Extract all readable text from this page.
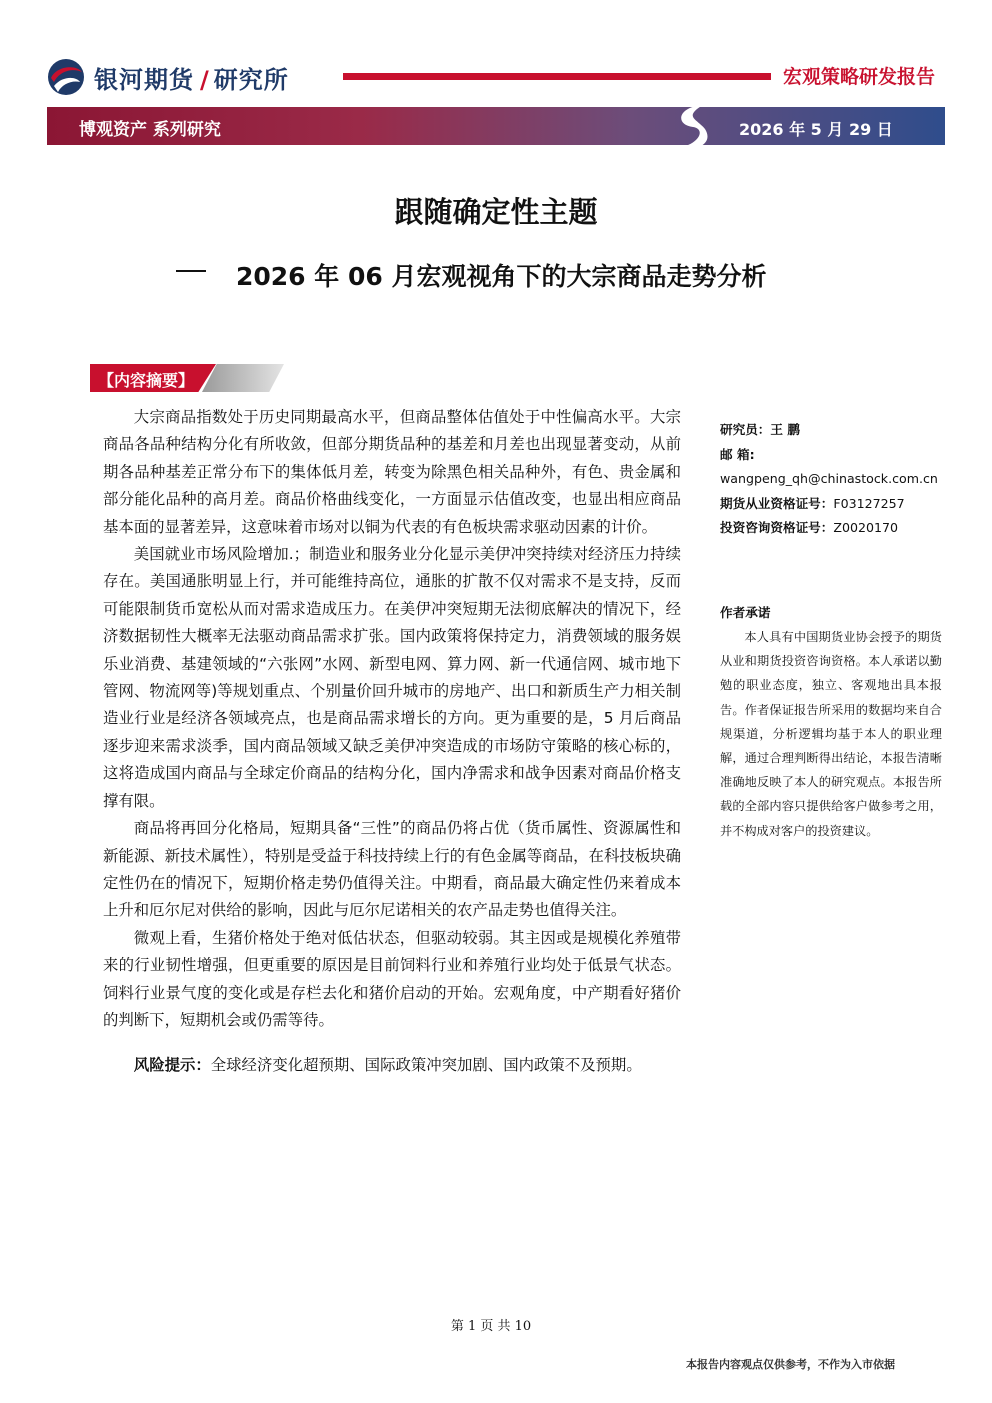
银河期货 / 研究所	宏观策略研发报告
博观资产 系列研究	2026 年 5 月 29 日
跟随确定性主题
2026 年 06 月宏观视角下的大宗商品走势分析
【内容摘要】

大宗商品指数处于历史同期最高水平，但商品整体估值处于中性偏高水平。大宗商品各品种结构分化有所收敛，但部分期货品种的基差和月差也出现显著变动，从前期各品种基差正常分布下的集体低月差，转变为除黑色相关品种外，有色、贵金属和部分能化品种的高月差。商品价格曲线变化，一方面显示估值改变，也显出相应商品基本面的显著差异，这意味着市场对以铜为代表的有色板块需求驱动因素的计价。

美国就业市场风险增加.；制造业和服务业分化显示美伊冲突持续对经济压力持续存在。美国通胀明显上行，并可能维持高位，通胀的扩散不仅对需求不是支持，反而可能限制货币宽松从而对需求造成压力。在美伊冲突短期无法彻底解决的情况下，经济数据韧性大概率无法驱动商品需求扩张。国内政策将保持定力，消费领域的服务娱乐业消费、基建领域的“六张网”水网、新型电网、算力网、新一代通信网、城市地下管网、物流网等)等规划重点、个别量价回升城市的房地产、出口和新质生产力相关制造业行业是经济各领域亮点，也是商品需求增长的方向。更为重要的是，5 月后商品逐步迎来需求淡季，国内商品领域又缺乏美伊冲突造成的市场防守策略的核心标的，这将造成国内商品与全球定价商品的结构分化，国内净需求和战争因素对商品价格支撑有限。

商品将再回分化格局，短期具备“三性”的商品仍将占优（货币属性、资源属性和新能源、新技术属性），特别是受益于科技持续上行的有色金属等商品，在科技板块确定性仍在的情况下，短期价格走势仍值得关注。中期看，商品最大确定性仍来着成本上升和厄尔尼对供给的影响，因此与厄尔尼诺相关的农产品走势也值得关注。

微观上看，生猪价格处于绝对低估状态，但驱动较弱。其主因或是规模化养殖带来的行业韧性增强，但更重要的原因是目前饲料行业和养殖行业均处于低景气状态。饲料行业景气度的变化或是存栏去化和猪价启动的开始。宏观角度，中产期看好猪价的判断下，短期机会或仍需等待。

风险提示：全球经济变化超预期、国际政策冲突加剧、国内政策不及预期。

研究员：王 鹏
邮 箱:
wangpeng_qh@chinastock.com.cn
期货从业资格证号：F03127257
投资咨询资格证号：Z0020170
作者承诺

本人具有中国期货业协会授予的期货从业和期货投资咨询资格。本人承诺以勤勉的职业态度，独立、客观地出具本报告。作者保证报告所采用的数据均来自合规渠道，分析逻辑均基于本人的职业理解，通过合理判断得出结论，本报告清晰准确地反映了本人的研究观点。本报告所载的全部内容只提供给客户做参考之用，并不构成对客户的投资建议。

第 1 页 共 10
本报告内容观点仅供参考，不作为入市依据
